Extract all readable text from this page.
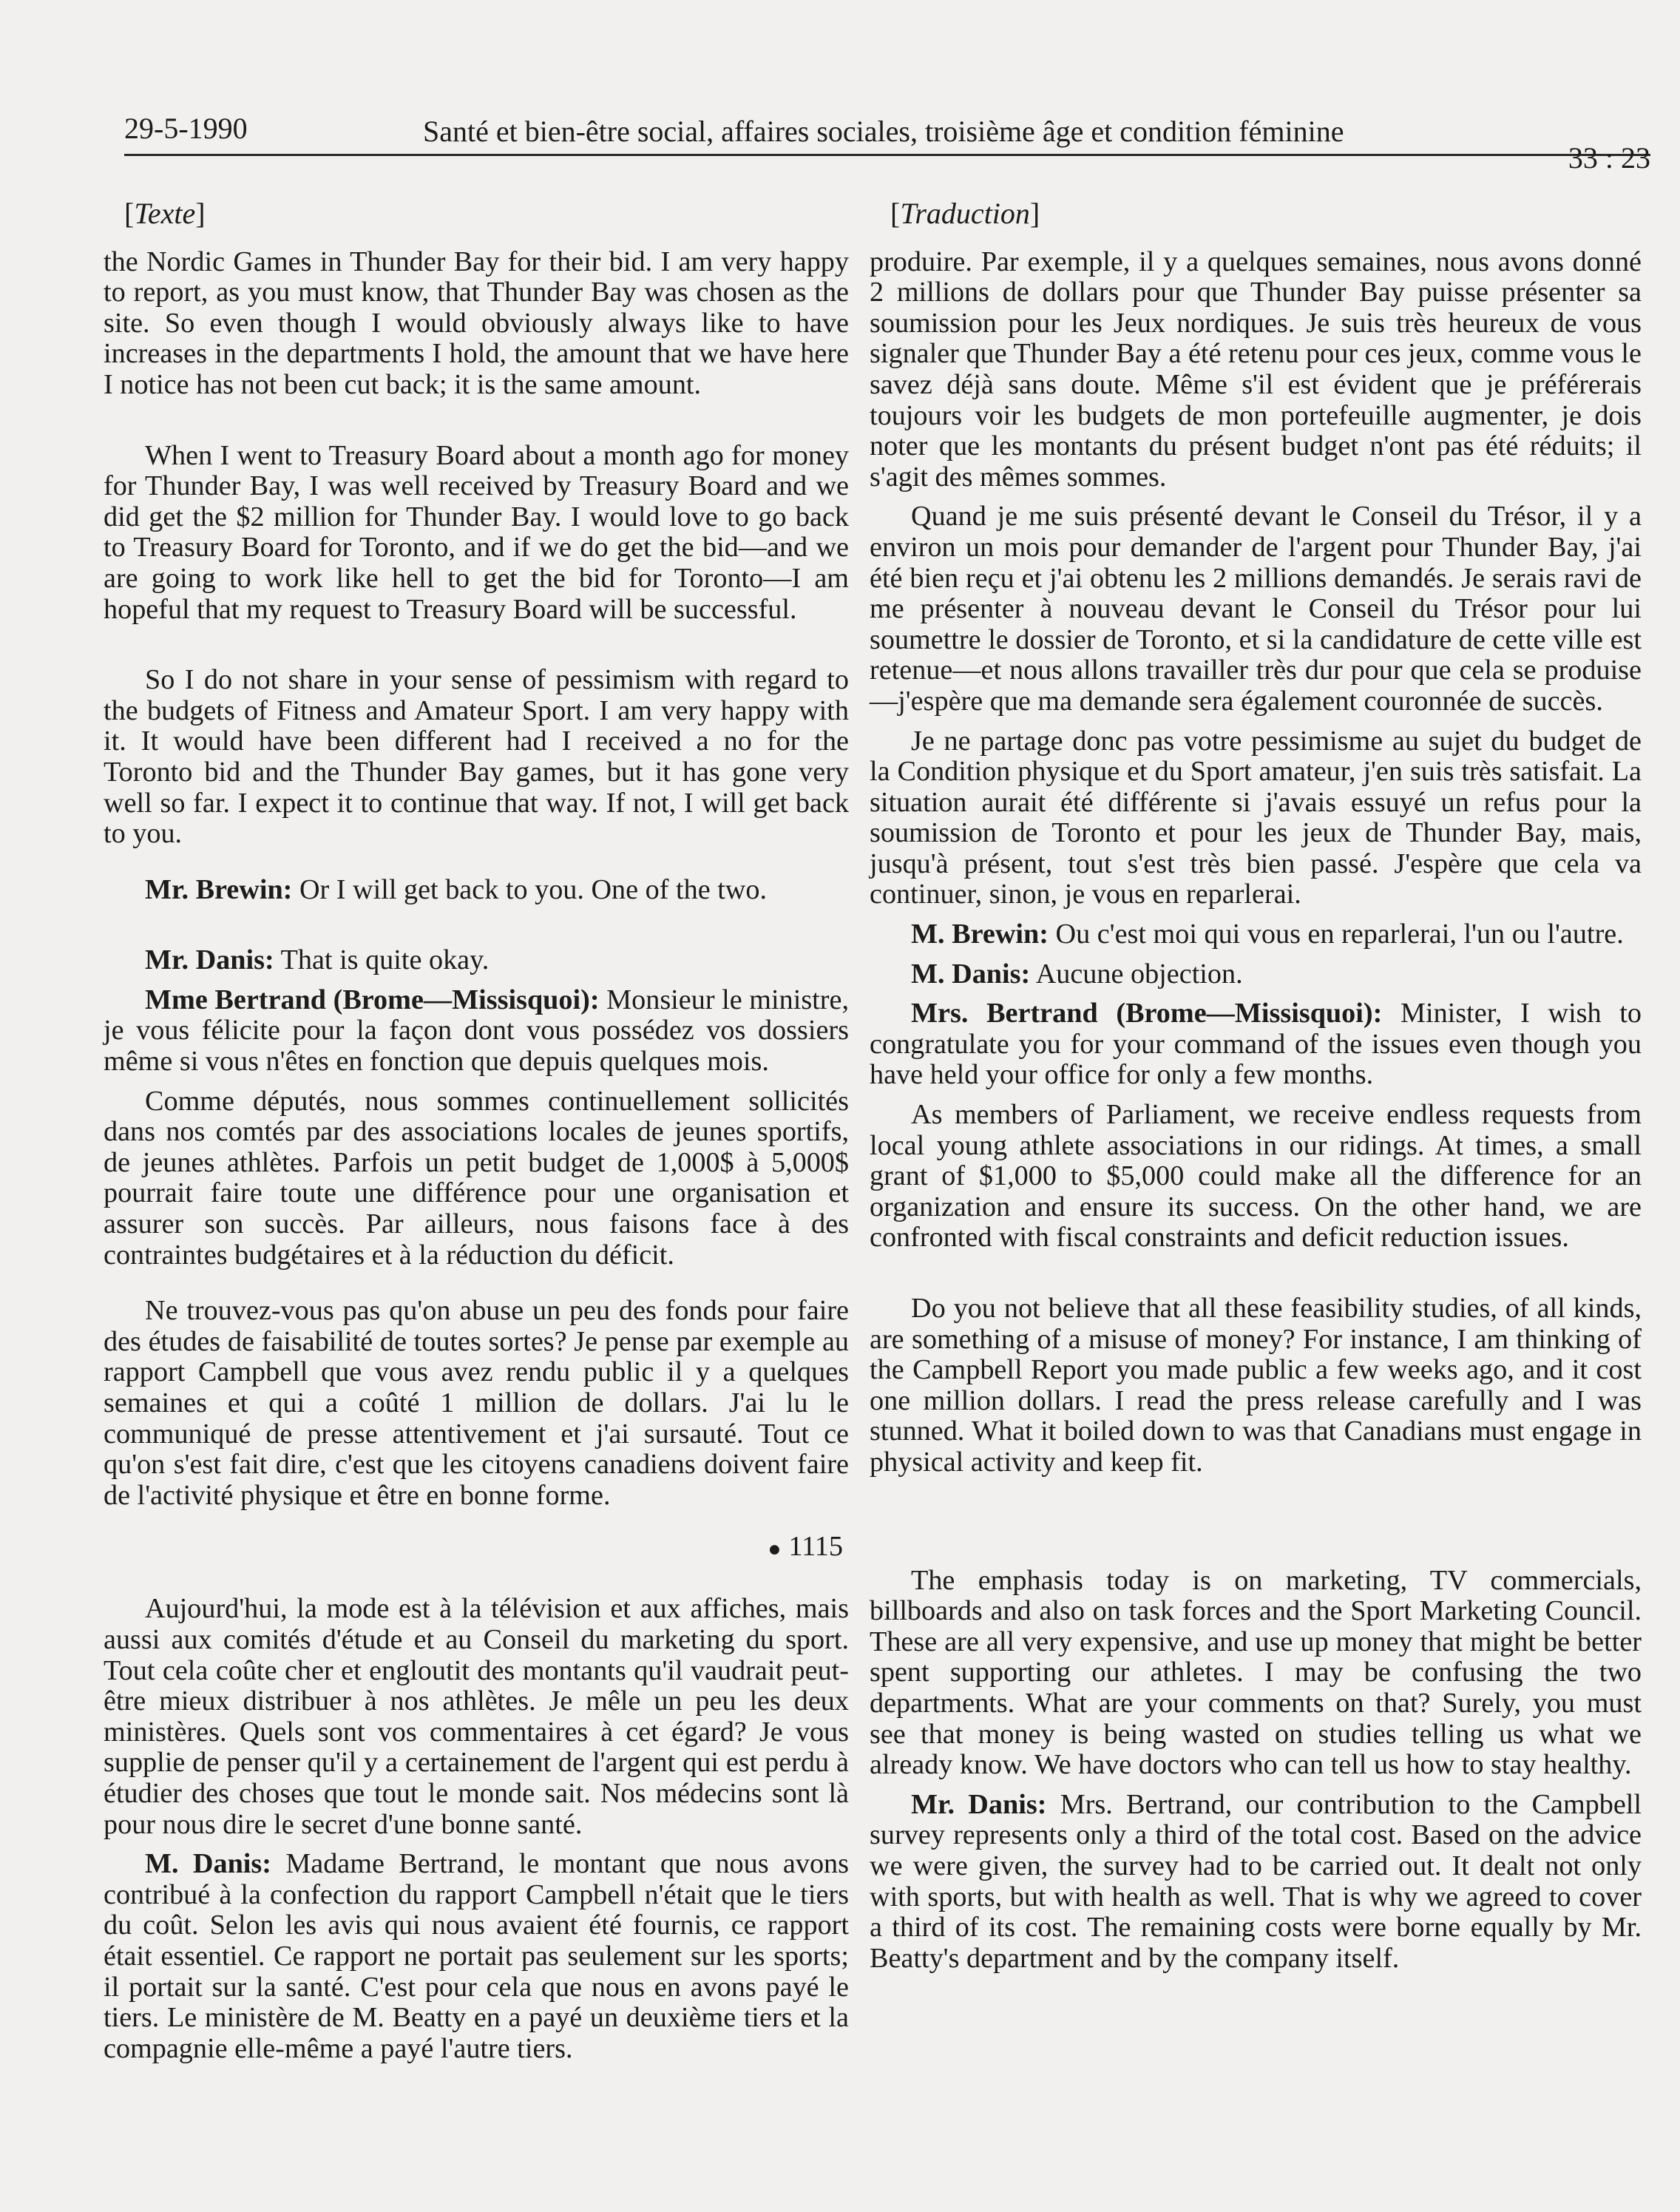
29-5-1990	Santé et bien-être social, affaires sociales, troisième âge et condition féminine
33 : 23
[Texte]

the Nordic Games in Thunder Bay for their bid. I am very happy to report, as you must know, that Thunder Bay was chosen as the site. So even though I would obviously always like to have increases in the departments I hold, the amount that we have here I notice has not been cut back; it is the same amount.

When I went to Treasury Board about a month ago for money for Thunder Bay, I was well received by Treasury Board and we did get the $2 million for Thunder Bay. I would love to go back to Treasury Board for Toronto, and if we do get the bid—and we are going to work like hell to get the bid for Toronto—I am hopeful that my request to Treasury Board will be successful.

So I do not share in your sense of pessimism with regard to the budgets of Fitness and Amateur Sport. I am very happy with it. It would have been different had I received a no for the Toronto bid and the Thunder Bay games, but it has gone very well so far. I expect it to continue that way. If not, I will get back to you.

Mr. Brewin: Or I will get back to you. One of the two.

Mr. Danis: That is quite okay.

Mme Bertrand (Brome—Missisquoi): Monsieur le ministre, je vous félicite pour la façon dont vous possédez vos dossiers même si vous n'êtes en fonction que depuis quelques mois.

Comme députés, nous sommes continuellement sollicités dans nos comtés par des associations locales de jeunes sportifs, de jeunes athlètes. Parfois un petit budget de 1,000$ à 5,000$ pourrait faire toute une différence pour une organisation et assurer son succès. Par ailleurs, nous faisons face à des contraintes budgétaires et à la réduction du déficit.

Ne trouvez-vous pas qu'on abuse un peu des fonds pour faire des études de faisabilité de toutes sortes? Je pense par exemple au rapport Campbell que vous avez rendu public il y a quelques semaines et qui a coûté 1 million de dollars. J'ai lu le communiqué de presse attentivement et j'ai sursauté. Tout ce qu'on s'est fait dire, c'est que les citoyens canadiens doivent faire de l'activité physique et être en bonne forme.

● 1115

Aujourd'hui, la mode est à la télévision et aux affiches, mais aussi aux comités d'étude et au Conseil du marketing du sport. Tout cela coûte cher et engloutit des montants qu'il vaudrait peut-être mieux distribuer à nos athlètes. Je mêle un peu les deux ministères. Quels sont vos commentaires à cet égard? Je vous supplie de penser qu'il y a certainement de l'argent qui est perdu à étudier des choses que tout le monde sait. Nos médecins sont là pour nous dire le secret d'une bonne santé.

M. Danis: Madame Bertrand, le montant que nous avons contribué à la confection du rapport Campbell n'était que le tiers du coût. Selon les avis qui nous avaient été fournis, ce rapport était essentiel. Ce rapport ne portait pas seulement sur les sports; il portait sur la santé. C'est pour cela que nous en avons payé le tiers. Le ministère de M. Beatty en a payé un deuxième tiers et la compagnie elle-même a payé l'autre tiers.

[Traduction]

produire. Par exemple, il y a quelques semaines, nous avons donné 2 millions de dollars pour que Thunder Bay puisse présenter sa soumission pour les Jeux nordiques. Je suis très heureux de vous signaler que Thunder Bay a été retenu pour ces jeux, comme vous le savez déjà sans doute. Même s'il est évident que je préférerais toujours voir les budgets de mon portefeuille augmenter, je dois noter que les montants du présent budget n'ont pas été réduits; il s'agit des mêmes sommes.

Quand je me suis présenté devant le Conseil du Trésor, il y a environ un mois pour demander de l'argent pour Thunder Bay, j'ai été bien reçu et j'ai obtenu les 2 millions demandés. Je serais ravi de me présenter à nouveau devant le Conseil du Trésor pour lui soumettre le dossier de Toronto, et si la candidature de cette ville est retenue—et nous allons travailler très dur pour que cela se produise—j'espère que ma demande sera également couronnée de succès.

Je ne partage donc pas votre pessimisme au sujet du budget de la Condition physique et du Sport amateur, j'en suis très satisfait. La situation aurait été différente si j'avais essuyé un refus pour la soumission de Toronto et pour les jeux de Thunder Bay, mais, jusqu'à présent, tout s'est très bien passé. J'espère que cela va continuer, sinon, je vous en reparlerai.

M. Brewin: Ou c'est moi qui vous en reparlerai, l'un ou l'autre.

M. Danis: Aucune objection.

Mrs. Bertrand (Brome—Missisquoi): Minister, I wish to congratulate you for your command of the issues even though you have held your office for only a few months.

As members of Parliament, we receive endless requests from local young athlete associations in our ridings. At times, a small grant of $1,000 to $5,000 could make all the difference for an organization and ensure its success. On the other hand, we are confronted with fiscal constraints and deficit reduction issues.

Do you not believe that all these feasibility studies, of all kinds, are something of a misuse of money? For instance, I am thinking of the Campbell Report you made public a few weeks ago, and it cost one million dollars. I read the press release carefully and I was stunned. What it boiled down to was that Canadians must engage in physical activity and keep fit.

The emphasis today is on marketing, TV commercials, billboards and also on task forces and the Sport Marketing Council. These are all very expensive, and use up money that might be better spent supporting our athletes. I may be confusing the two departments. What are your comments on that? Surely, you must see that money is being wasted on studies telling us what we already know. We have doctors who can tell us how to stay healthy.

Mr. Danis: Mrs. Bertrand, our contribution to the Campbell survey represents only a third of the total cost. Based on the advice we were given, the survey had to be carried out. It dealt not only with sports, but with health as well. That is why we agreed to cover a third of its cost. The remaining costs were borne equally by Mr. Beatty's department and by the company itself.
